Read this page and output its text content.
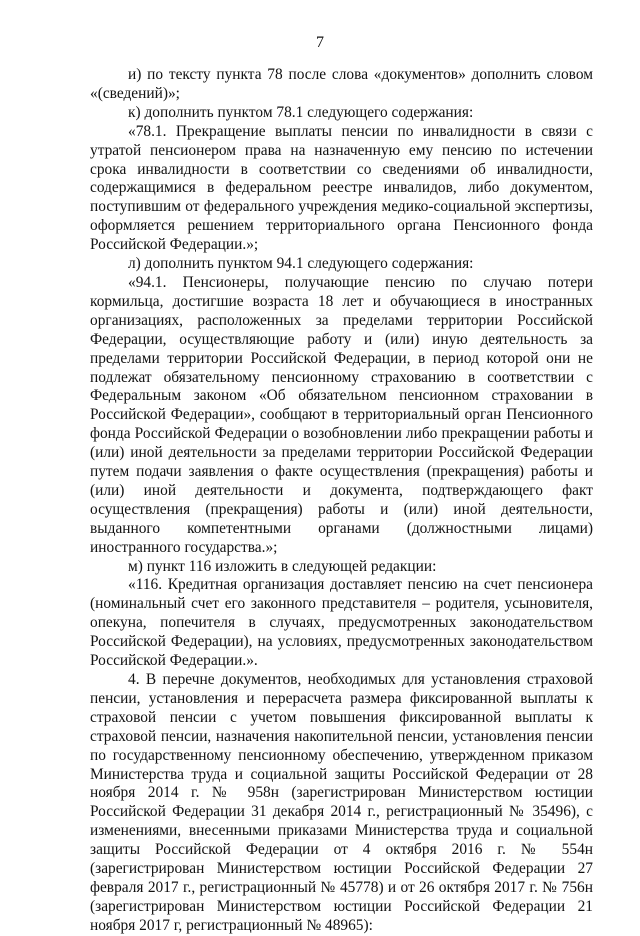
7

и) по тексту пункта 78 после слова «документов» дополнить словом «(сведений)»;

к) дополнить пунктом 78.1 следующего содержания:

«78.1. Прекращение выплаты пенсии по инвалидности в связи с утратой пенсионером права на назначенную ему пенсию по истечении срока инвалидности в соответствии со сведениями об инвалидности, содержащимися в федеральном реестре инвалидов, либо документом, поступившим от федерального учреждения медико-социальной экспертизы, оформляется решением территориального органа Пенсионного фонда Российской Федерации.»;

л) дополнить пунктом 94.1 следующего содержания:

«94.1. Пенсионеры, получающие пенсию по случаю потери кормильца, достигшие возраста 18 лет и обучающиеся в иностранных организациях, расположенных за пределами территории Российской Федерации, осуществляющие работу и (или) иную деятельность за пределами территории Российской Федерации, в период которой они не подлежат обязательному пенсионному страхованию в соответствии с Федеральным законом «Об обязательном пенсионном страховании в Российской Федерации», сообщают в территориальный орган Пенсионного фонда Российской Федерации о возобновлении либо прекращении работы и (или) иной деятельности за пределами территории Российской Федерации путем подачи заявления о факте осуществления (прекращения) работы и (или) иной деятельности и документа, подтверждающего факт осуществления (прекращения) работы и (или) иной деятельности, выданного компетентными органами (должностными лицами) иностранного государства.»;

м) пункт 116 изложить в следующей редакции:

«116. Кредитная организация доставляет пенсию на счет пенсионера (номинальный счет его законного представителя – родителя, усыновителя, опекуна, попечителя в случаях, предусмотренных законодательством Российской Федерации), на условиях, предусмотренных законодательством Российской Федерации.».

4. В перечне документов, необходимых для установления страховой пенсии, установления и перерасчета размера фиксированной выплаты к страховой пенсии с учетом повышения фиксированной выплаты к страховой пенсии, назначения накопительной пенсии, установления пенсии по государственному пенсионному обеспечению, утвержденном приказом Министерства труда и социальной защиты Российской Федерации от 28 ноября 2014 г. № 958н (зарегистрирован Министерством юстиции Российской Федерации 31 декабря 2014 г., регистрационный № 35496), с изменениями, внесенными приказами Министерства труда и социальной защиты Российской Федерации от 4 октября 2016 г. № 554н (зарегистрирован Министерством юстиции Российской Федерации 27 февраля 2017 г., регистрационный № 45778) и от 26 октября 2017 г. № 756н (зарегистрирован Министерством юстиции Российской Федерации 21 ноября 2017 г, регистрационный № 48965):
